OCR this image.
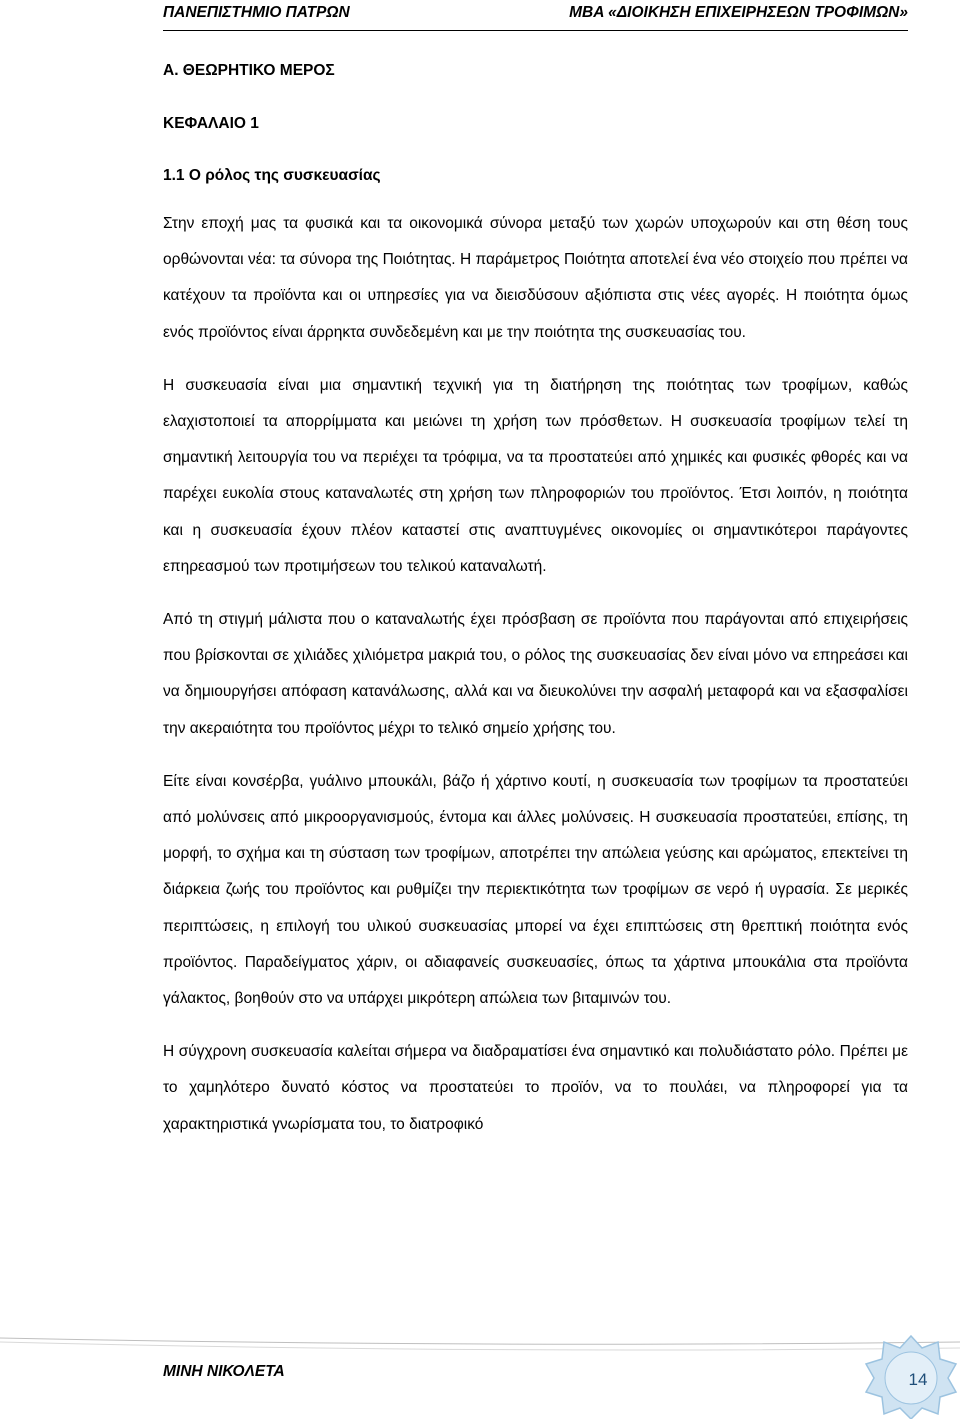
ΠΑΝΕΠΙΣΤΗΜΙΟ ΠΑΤΡΩΝ	ΜΒΑ «ΔΙΟΙΚΗΣΗ ΕΠΙΧΕΙΡΗΣΕΩΝ ΤΡΟΦΙΜΩΝ»

Α. ΘΕΩΡΗΤΙΚΟ ΜΕΡΟΣ

ΚΕΦΑΛΑΙΟ 1

1.1 Ο ρόλος της συσκευασίας

Στην εποχή μας τα φυσικά και τα οικονομικά σύνορα μεταξύ των χωρών υποχωρούν και στη θέση τους ορθώνονται νέα: τα σύνορα της Ποιότητας. Η παράμετρος Ποιότητα αποτελεί ένα νέο στοιχείο που πρέπει να κατέχουν τα προϊόντα και οι υπηρεσίες για να διεισδύσουν αξιόπιστα στις νέες αγορές. Η ποιότητα όμως ενός προϊόντος είναι άρρηκτα συνδεδεμένη και με την ποιότητα της συσκευασίας του.

Η συσκευασία είναι μια σημαντική τεχνική για τη διατήρηση της ποιότητας των τροφίμων, καθώς ελαχιστοποιεί τα απορρίμματα και μειώνει τη χρήση των πρόσθετων. Η συσκευασία τροφίμων τελεί τη σημαντική λειτουργία του να περιέχει τα τρόφιμα, να τα προστατεύει από χημικές και φυσικές φθορές και να παρέχει ευκολία στους καταναλωτές στη χρήση των πληροφοριών του προϊόντος. Έτσι λοιπόν, η ποιότητα και η συσκευασία έχουν πλέον καταστεί στις αναπτυγμένες οικονομίες οι σημαντικότεροι παράγοντες επηρεασμού των προτιμήσεων του τελικού καταναλωτή.

Από τη στιγμή μάλιστα που ο καταναλωτής έχει πρόσβαση σε προϊόντα που παράγονται από επιχειρήσεις που βρίσκονται σε χιλιάδες χιλιόμετρα μακριά του, ο ρόλος της συσκευασίας δεν είναι μόνο να επηρεάσει και να δημιουργήσει απόφαση κατανάλωσης, αλλά και να διευκολύνει την ασφαλή μεταφορά και να εξασφαλίσει την ακεραιότητα του προϊόντος μέχρι το τελικό σημείο χρήσης του.

Είτε είναι κονσέρβα, γυάλινο μπουκάλι, βάζο ή χάρτινο κουτί, η συσκευασία των τροφίμων τα προστατεύει από μολύνσεις από μικροοργανισμούς, έντομα και άλλες μολύνσεις. Η συσκευασία προστατεύει, επίσης, τη μορφή, το σχήμα και τη σύσταση των τροφίμων, αποτρέπει την απώλεια γεύσης και αρώματος, επεκτείνει τη διάρκεια ζωής του προϊόντος και ρυθμίζει την περιεκτικότητα των τροφίμων σε νερό ή υγρασία. Σε μερικές περιπτώσεις, η επιλογή του υλικού συσκευασίας μπορεί να έχει επιπτώσεις στη θρεπτική ποιότητα ενός προϊόντος. Παραδείγματος χάριν, οι αδιαφανείς συσκευασίες, όπως τα χάρτινα μπουκάλια στα προϊόντα γάλακτος, βοηθούν στο να υπάρχει μικρότερη απώλεια των βιταμινών του.

Η σύγχρονη συσκευασία καλείται σήμερα να διαδραματίσει ένα σημαντικό και πολυδιάστατο ρόλο. Πρέπει με το χαμηλότερο δυνατό κόστος να προστατεύει το προϊόν, να το πουλάει, να πληροφορεί για τα χαρακτηριστικά γνωρίσματα του, το διατροφικό

ΜΙΝΗ ΝΙΚΟΛΕΤΑ	14
